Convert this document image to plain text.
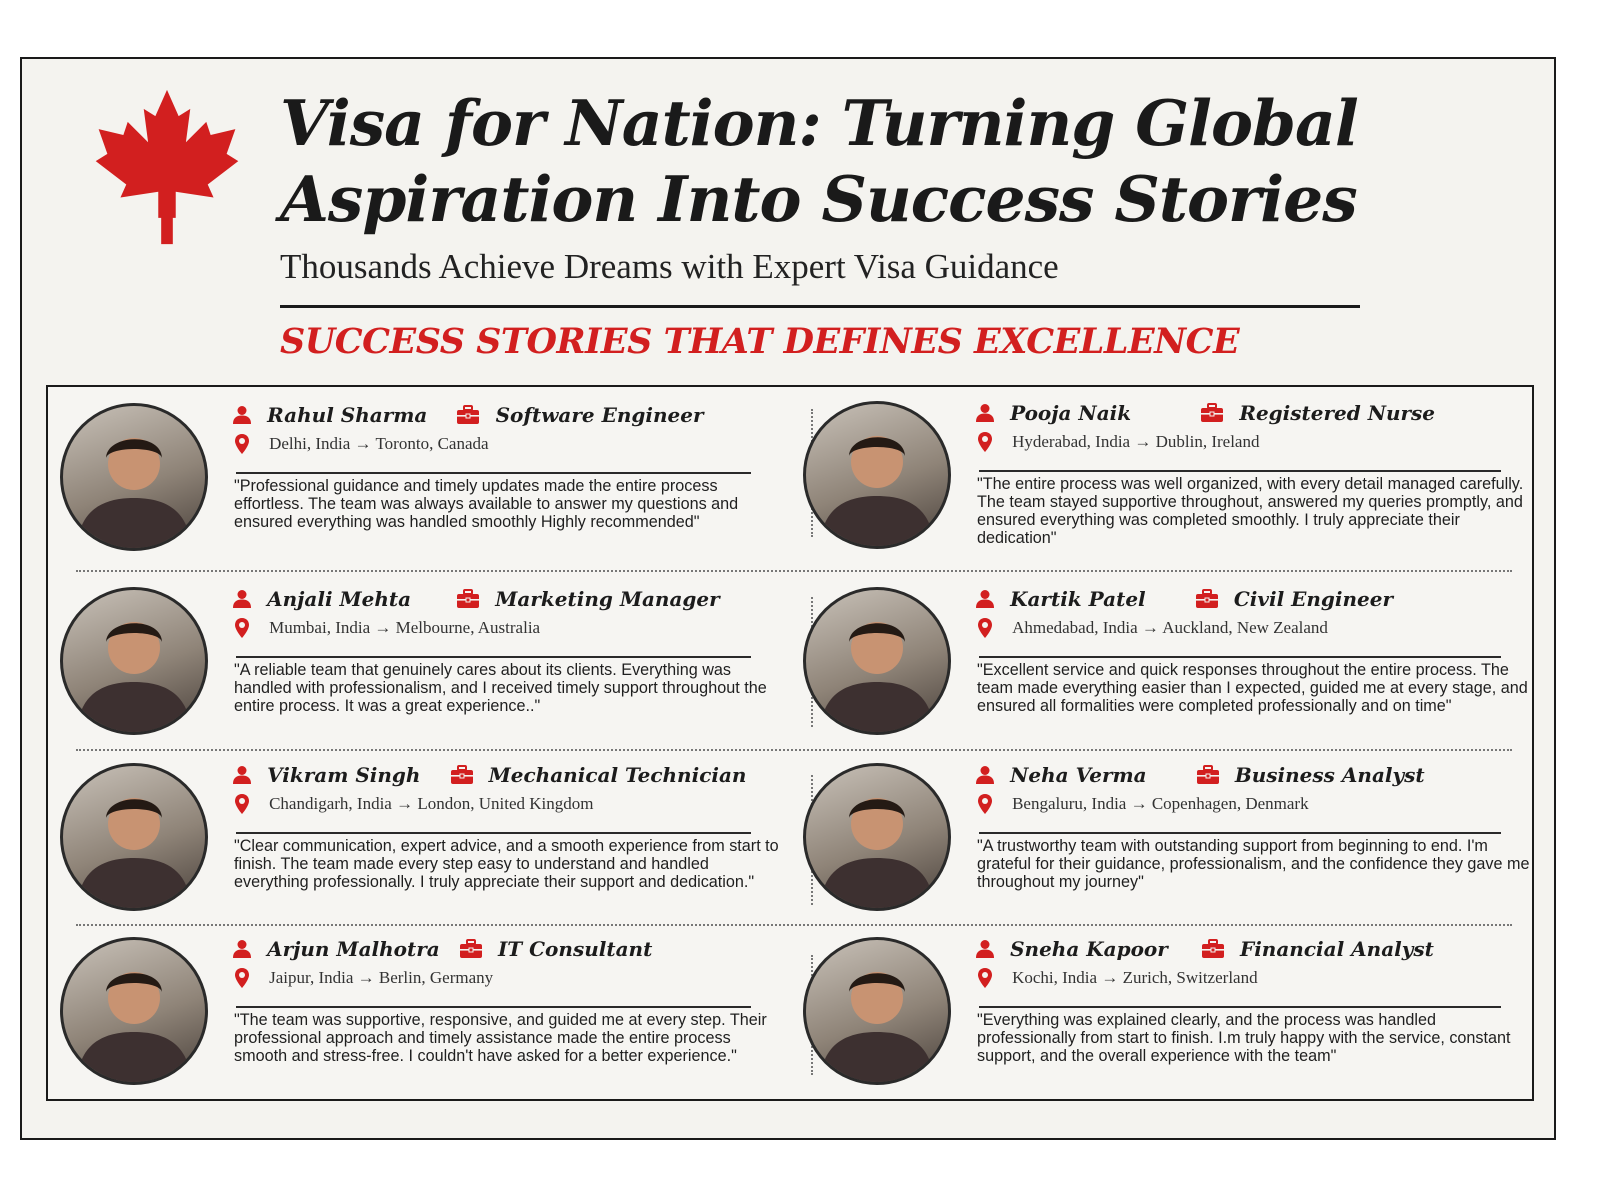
Visa for Nation: Turning Global
Aspiration Into Success Stories
Thousands Achieve Dreams with Expert Visa Guidance
SUCCESS STORIES THAT DEFINES EXCELLENCE
Rahul Sharma	Software Engineer
Delhi, India → Toronto, Canada

"Professional guidance and timely updates made the entire process effortless. The team was always available to answer my questions and ensured everything was handled smoothly Highly recommended"

Pooja Naik	Registered Nurse
Hyderabad, India → Dublin, Ireland

"The entire process was well organized, with every detail managed carefully. The team stayed supportive throughout, answered my queries promptly, and ensured everything was completed smoothly. I truly appreciate their dedication"

Anjali Mehta	Marketing Manager
Mumbai, India → Melbourne, Australia

"A reliable team that genuinely cares about its clients. Everything was handled with professionalism, and I received timely support throughout the entire process. It was a great experience.."

Kartik Patel	Civil Engineer
Ahmedabad, India → Auckland, New Zealand

"Excellent service and quick responses throughout the entire process. The team made everything easier than I expected, guided me at every stage, and ensured all formalities were completed professionally and on time"

Vikram Singh	Mechanical Technician
Chandigarh, India → London, United Kingdom

"Clear communication, expert advice, and a smooth experience from start to finish. The team made every step easy to understand and handled everything professionally. I truly appreciate their support and dedication."

Neha Verma	Business Analyst
Bengaluru, India → Copenhagen, Denmark

"A trustworthy team with outstanding support from beginning to end. I'm grateful for their guidance, professionalism, and the confidence they gave me throughout my journey"

Arjun Malhotra	IT Consultant
Jaipur, India → Berlin, Germany

"The team was supportive, responsive, and guided me at every step. Their professional approach and timely assistance made the entire process smooth and stress-free. I couldn't have asked for a better experience."

Sneha Kapoor	Financial Analyst
Kochi, India → Zurich, Switzerland

"Everything was explained clearly, and the process was handled professionally from start to finish. I.m truly happy with the service, constant support, and the overall experience with the team"
